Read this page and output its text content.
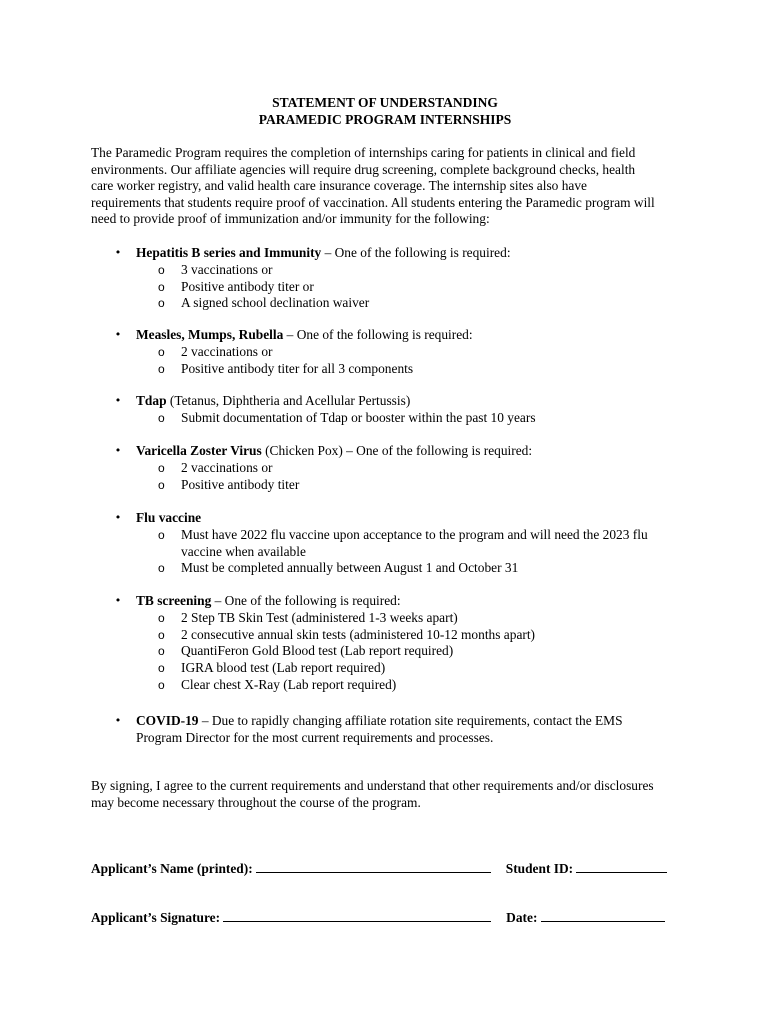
STATEMENT OF UNDERSTANDING
PARAMEDIC PROGRAM INTERNSHIPS
The Paramedic Program requires the completion of internships caring for patients in clinical and field
environments. Our affiliate agencies will require drug screening, complete background checks, health
care worker registry, and valid health care insurance coverage. The internship sites also have
requirements that students require proof of vaccination. All students entering the Paramedic program will
need to provide proof of immunization and/or immunity for the following:
• Hepatitis B series and Immunity – One of the following is required:
o 3 vaccinations or
o Positive antibody titer or
o A signed school declination waiver
• Measles, Mumps, Rubella – One of the following is required:
o 2 vaccinations or
o Positive antibody titer for all 3 components
• Tdap (Tetanus, Diphtheria and Acellular Pertussis)
o Submit documentation of Tdap or booster within the past 10 years
• Varicella Zoster Virus (Chicken Pox) – One of the following is required:
o 2 vaccinations or
o Positive antibody titer
• Flu vaccine
o Must have 2022 flu vaccine upon acceptance to the program and will need the 2023 flu vaccine when available
o Must be completed annually between August 1 and October 31
• TB screening – One of the following is required:
o 2 Step TB Skin Test (administered 1-3 weeks apart)
o 2 consecutive annual skin tests (administered 10-12 months apart)
o QuantiFeron Gold Blood test (Lab report required)
o IGRA blood test (Lab report required)
o Clear chest X-Ray (Lab report required)
• COVID-19 – Due to rapidly changing affiliate rotation site requirements, contact the EMS
Program Director for the most current requirements and processes.
By signing, I agree to the current requirements and understand that other requirements and/or disclosures
may become necessary throughout the course of the program.
Applicant’s Name (printed):	Student ID:
Applicant’s Signature:	Date:
